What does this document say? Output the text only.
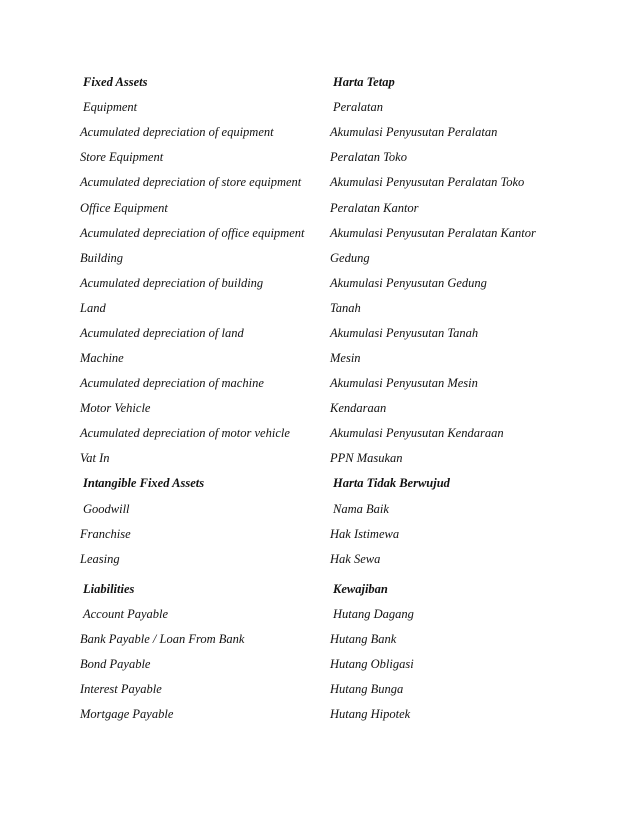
Fixed Assets	Harta Tetap
Equipment	Peralatan
Acumulated depreciation of equipment	Akumulasi Penyusutan Peralatan
Store Equipment	Peralatan Toko
Acumulated depreciation of store equipment	Akumulasi Penyusutan Peralatan Toko
Office Equipment	Peralatan Kantor
Acumulated depreciation of office equipment	Akumulasi Penyusutan Peralatan Kantor
Building	Gedung
Acumulated depreciation of building	Akumulasi Penyusutan Gedung
Land	Tanah
Acumulated depreciation of land	Akumulasi Penyusutan Tanah
Machine	Mesin
Acumulated depreciation of machine	Akumulasi Penyusutan Mesin
Motor Vehicle	Kendaraan
Acumulated depreciation of motor vehicle	Akumulasi Penyusutan Kendaraan
Vat In	PPN Masukan
Intangible Fixed Assets	Harta Tidak Berwujud
Goodwill	Nama Baik
Franchise	Hak Istimewa
Leasing	Hak Sewa
Liabilities	Kewajiban
Account Payable	Hutang Dagang
Bank Payable / Loan From Bank	Hutang Bank
Bond Payable	Hutang Obligasi
Interest Payable	Hutang Bunga
Mortgage Payable	Hutang Hipotek
